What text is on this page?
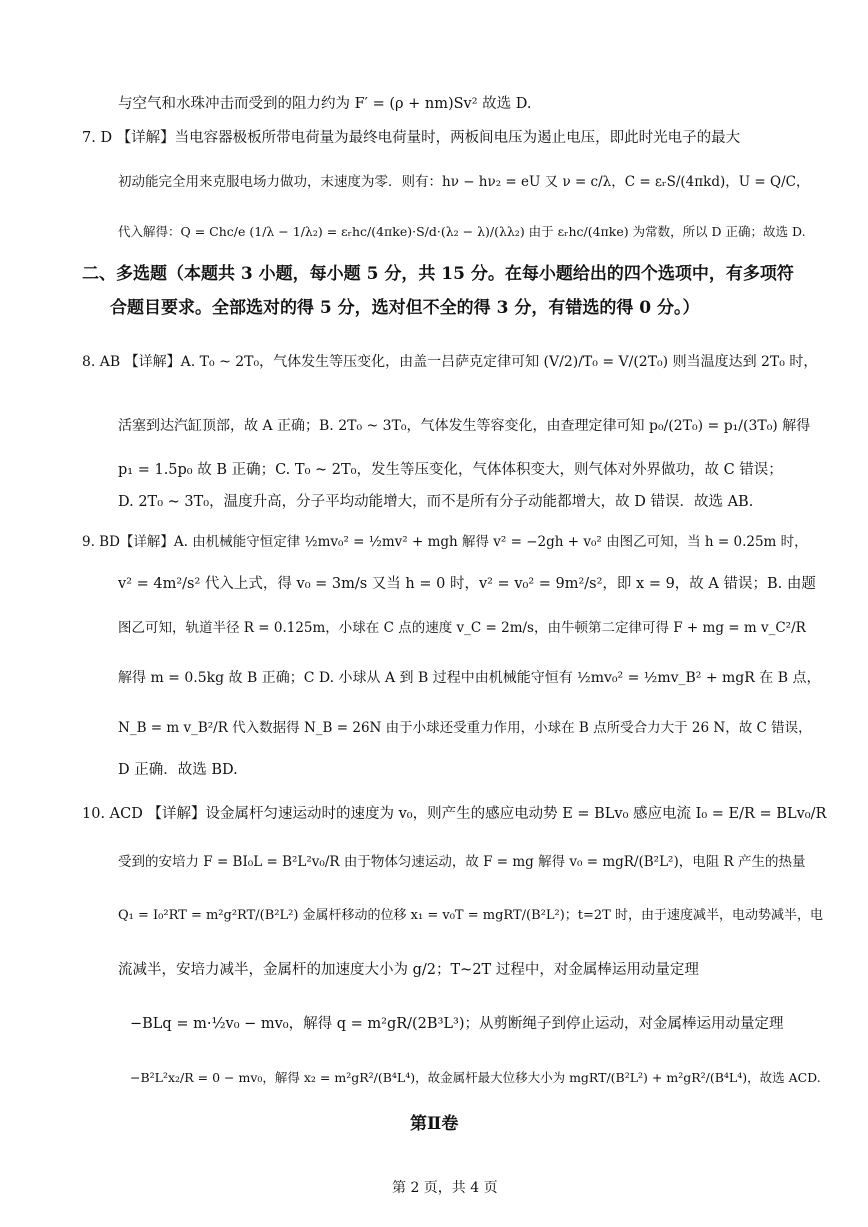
与空气和水珠冲击而受到的阻力约为 F′ = (ρ + nm)Sv² 故选 D.
7. D 【详解】当电容器极板所带电荷量为最终电荷量时，两板间电压为遏止电压，即此时光电子的最大
初动能完全用来克服电场力做功，末速度为零．则有：hν − hν₂ = eU 又 ν = c/λ，C = εᵣS/(4πkd)，U = Q/C，
代入解得：Q = Chc/e (1/λ − 1/λ₂) = εᵣhc/(4πke)·S/d·(λ₂ − λ)/(λλ₂) 由于 εᵣhc/(4πke) 为常数，所以 D 正确；故选 D.
二、多选题（本题共 3 小题，每小题 5 分，共 15 分。在每小题给出的四个选项中，有多项符
合题目要求。全部选对的得 5 分，选对但不全的得 3 分，有错选的得 0 分。）
8. AB 【详解】A. T₀ ~ 2T₀，气体发生等压变化，由盖一吕萨克定律可知 (V/2)/T₀ = V/(2T₀) 则当温度达到 2T₀ 时，
活塞到达汽缸顶部，故 A 正确；B. 2T₀ ~ 3T₀，气体发生等容变化，由查理定律可知 p₀/(2T₀) = p₁/(3T₀) 解得
p₁ = 1.5p₀ 故 B 正确；C. T₀ ~ 2T₀，发生等压变化，气体体积变大，则气体对外界做功，故 C 错误；
D. 2T₀ ~ 3T₀，温度升高，分子平均动能增大，而不是所有分子动能都增大，故 D 错误．故选 AB.
9. BD【详解】A. 由机械能守恒定律 ½mv₀² = ½mv² + mgh 解得 v² = −2gh + v₀² 由图乙可知，当 h = 0.25m 时，
v² = 4m²/s² 代入上式，得 v₀ = 3m/s 又当 h = 0 时，v² = v₀² = 9m²/s²，即 x = 9，故 A 错误；B. 由题
图乙可知，轨道半径 R = 0.125m，小球在 C 点的速度 v_C = 2m/s，由牛顿第二定律可得 F + mg = m v_C²/R
解得 m = 0.5kg 故 B 正确；C D. 小球从 A 到 B 过程中由机械能守恒有 ½mv₀² = ½mv_B² + mgR 在 B 点，
N_B = m v_B²/R 代入数据得 N_B = 26N 由于小球还受重力作用，小球在 B 点所受合力大于 26 N，故 C 错误，
D 正确．故选 BD.
10. ACD 【详解】设金属杆匀速运动时的速度为 v₀，则产生的感应电动势 E = BLv₀ 感应电流 I₀ = E/R = BLv₀/R
受到的安培力 F = BI₀L = B²L²v₀/R 由于物体匀速运动，故 F = mg 解得 v₀ = mgR/(B²L²)，电阻 R 产生的热量
Q₁ = I₀²RT = m²g²RT/(B²L²) 金属杆移动的位移 x₁ = v₀T = mgRT/(B²L²)；t=2T 时，由于速度减半，电动势减半，电
流减半，安培力减半，金属杆的加速度大小为 g/2；T~2T 过程中，对金属棒运用动量定理
−BLq = m·½v₀ − mv₀，解得 q = m²gR/(2B³L³)；从剪断绳子到停止运动，对金属棒运用动量定理
−B²L²x₂/R = 0 − mv₀，解得 x₂ = m²gR²/(B⁴L⁴)，故金属杆最大位移大小为 mgRT/(B²L²) + m²gR²/(B⁴L⁴)，故选 ACD.
第Ⅱ卷
第 2 页，共 4 页
